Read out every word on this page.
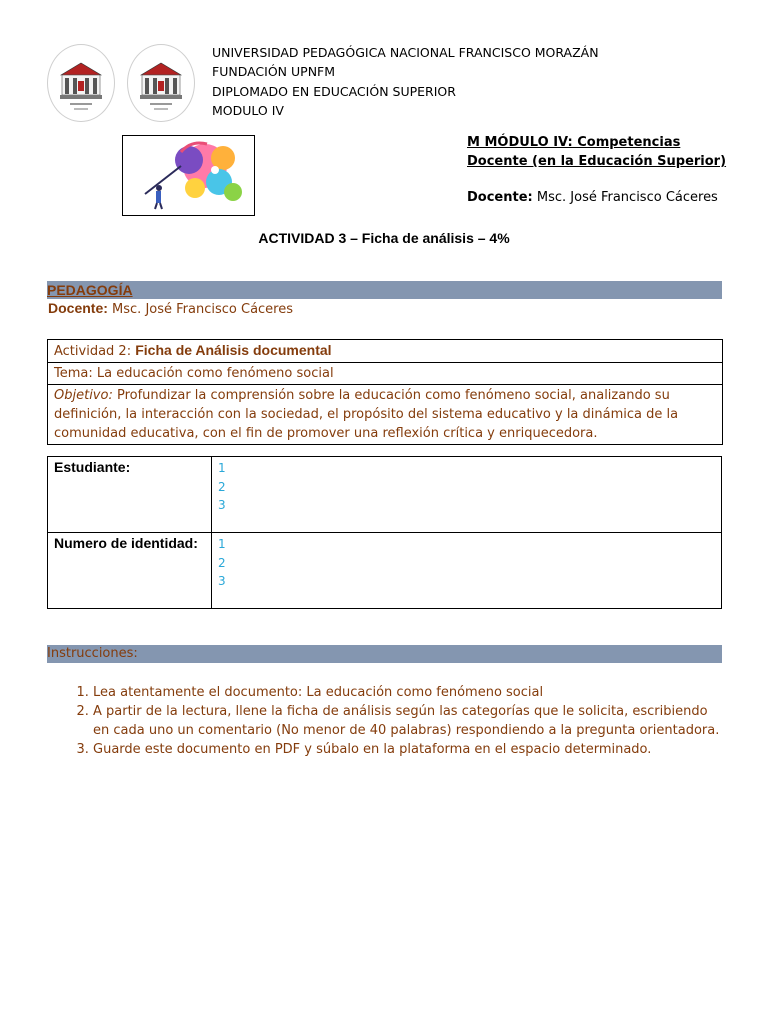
UNIVERSIDAD PEDAGÓGICA NACIONAL FRANCISCO MORAZÁN
FUNDACIÓN UPNFM
DIPLOMADO EN EDUCACIÓN SUPERIOR
MODULO IV
M MÓDULO IV: Competencias Docente (en la Educación Superior)
Docente: Msc. José Francisco Cáceres
ACTIVIDAD 3 – Ficha de análisis – 4%
PEDAGOGÍA
Docente: Msc. José Francisco Cáceres
Actividad 2: Ficha de Análisis documental
Tema: La educación como fenómeno social
Objetivo: Profundizar la comprensión sobre la educación como fenómeno social, analizando su definición, la interacción con la sociedad, el propósito del sistema educativo y la dinámica de la comunidad educativa, con el fin de promover una reflexión crítica y enriquecedora.
Estudiante:	1
2
3

Numero de identidad:	1
2
3
Instrucciones:
1. Lea atentamente el documento: La educación como fenómeno social
2. A partir de la lectura, llene la ficha de análisis según las categorías que le solicita, escribiendo en cada uno un comentario (No menor de 40 palabras) respondiendo a la pregunta orientadora.
3. Guarde este documento en PDF y súbalo en la plataforma en el espacio determinado.
